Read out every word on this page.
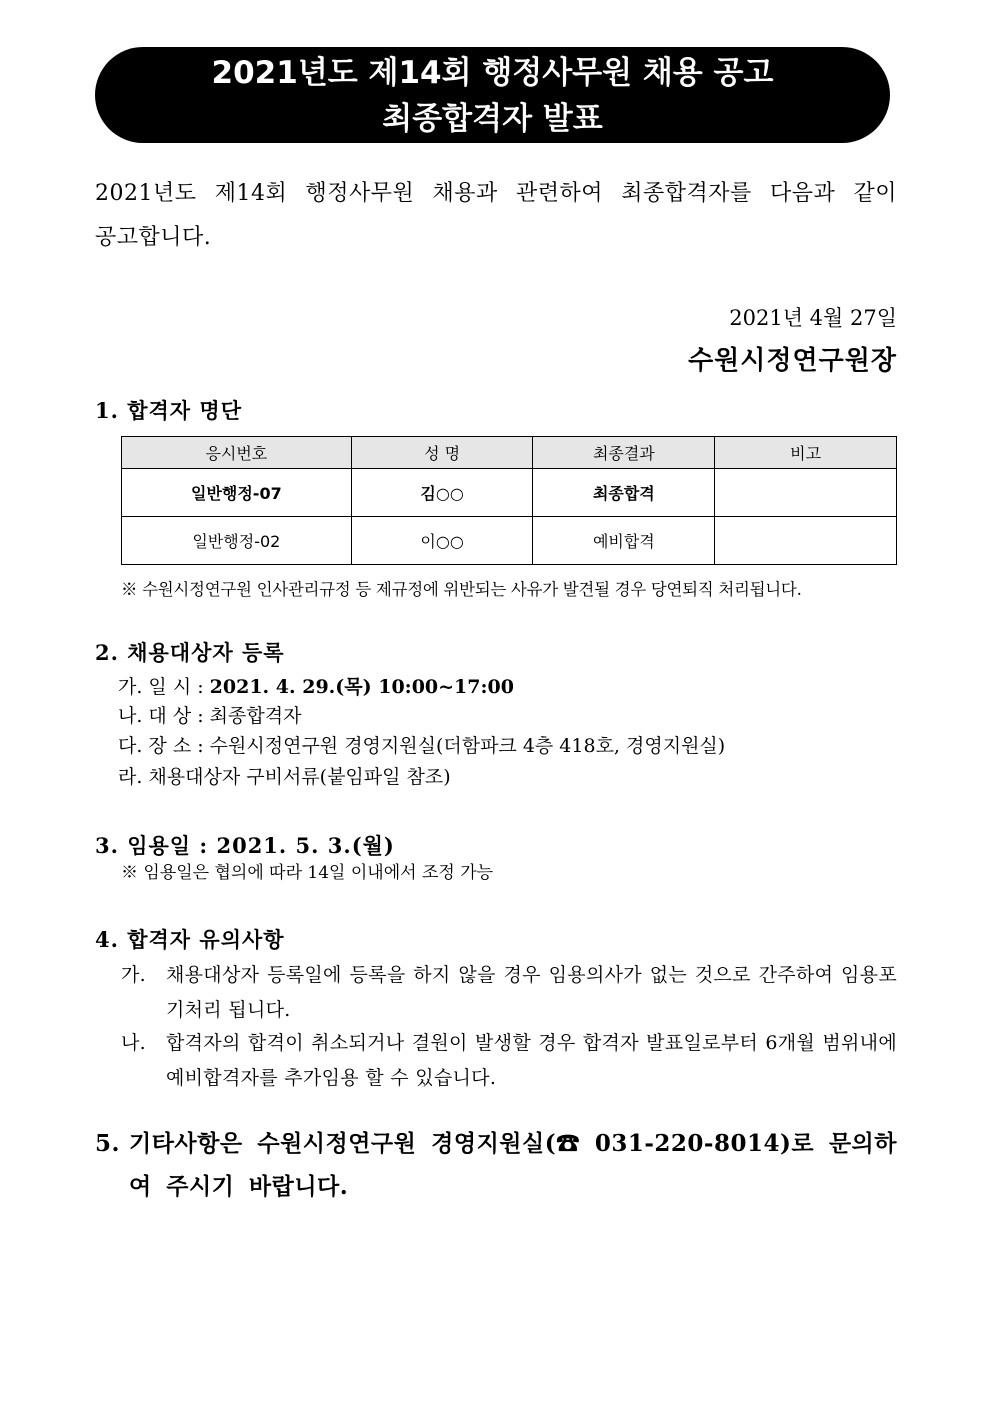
2021년도 제14회 행정사무원 채용 공고
최종합격자 발표
2021년도 제14회 행정사무원 채용과 관련하여 최종합격자를 다음과 같이 공고합니다.
2021년 4월 27일
수원시정연구원장
1. 합격자 명단
응시번호	성 명	최종결과	비고
일반행정-07	김○○	최종합격	
일반행정-02	이○○	예비합격	
※ 수원시정연구원 인사관리규정 등 제규정에 위반되는 사유가 발견될 경우 당연퇴직 처리됩니다.
2. 채용대상자 등록
가. 일 시 : 2021. 4. 29.(목) 10:00~17:00
나. 대 상 : 최종합격자
다. 장 소 : 수원시정연구원 경영지원실(더함파크 4층 418호, 경영지원실)
라. 채용대상자 구비서류(붙임파일 참조)
3. 임용일 : 2021. 5. 3.(월)
※ 임용일은 협의에 따라 14일 이내에서 조정 가능
4. 합격자 유의사항
가. 채용대상자 등록일에 등록을 하지 않을 경우 임용의사가 없는 것으로 간주하여 임용포기처리 됩니다.
나. 합격자의 합격이 취소되거나 결원이 발생할 경우 합격자 발표일로부터 6개월 범위내에 예비합격자를 추가임용 할 수 있습니다.
5. 기타사항은 수원시정연구원 경영지원실(☎ 031-220-8014)로 문의하여 주시기 바랍니다.
